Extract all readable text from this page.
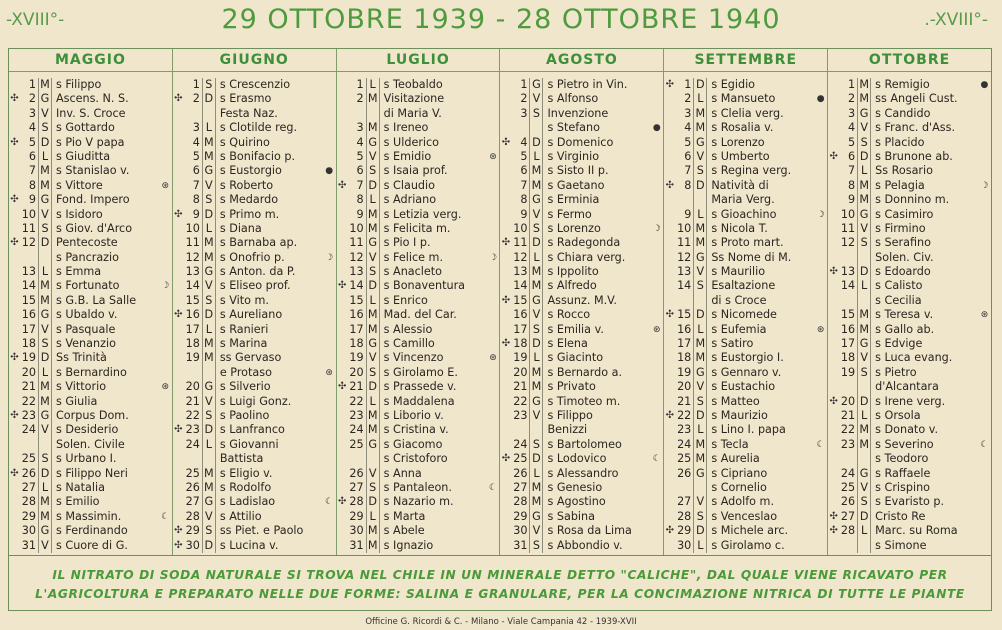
-XVIII°-	29 OTTOBRE 1939 - 28 OTTOBRE 1940	.-XVIII°-
MAGGIO
1 M s Filippo
✣ 2 G Ascens. N. S.
3 V Inv. S. Croce
4 S s Gottardo
✣ 5 D s Pio V papa
6 L s Giuditta
7 M s Stanislao v.
8 M s Vittore	⊛
✣ 9 G Fond. Impero
10 V s Isidoro
11 S s Giov. d'Arco
✣ 12 D Pentecoste
s Pancrazio
13 L s Emma
14 M s Fortunato	☽
15 M s G.B. La Salle
16 G s Ubaldo v.
17 V s Pasquale
18 S s Venanzio
✣ 19 D Ss Trinità
20 L s Bernardino
21 M s Vittorio	⊛
22 M s Giulia
✣ 23 G Corpus Dom.
24 V s Desiderio
Solen. Civile
25 S s Urbano I.
✣ 26 D s Filippo Neri
27 L s Natalia
28 M s Emilio
29 M s Massimin.	☾
30 G s Ferdinando
31 V s Cuore di G.
GIUGNO
1 S s Crescenzio
✣ 2 D s Erasmo
Festa Naz.
3 L s Clotilde reg.
4 M s Quirino
5 M s Bonifacio p.
6 G s Eustorgio	●
7 V s Roberto
8 S s Medardo
✣ 9 D s Primo m.
10 L s Diana
11 M s Barnaba ap.
12 M s Onofrio p.	☽
13 G s Anton. da P.
14 V s Eliseo prof.
15 S s Vito m.
✣ 16 D s Aureliano
17 L s Ranieri
18 M s Marina
19 M ss Gervaso
e Protaso	⊛
20 G s Silverio
21 V s Luigi Gonz.
22 S s Paolino
✣ 23 D s Lanfranco
24 L s Giovanni
Battista
25 M s Eligio v.
26 M s Rodolfo
27 G s Ladislao	☾
28 V s Attilio
✣ 29 S ss Piet. e Paolo
✣ 30 D s Lucina v.
LUGLIO
1 L s Teobaldo
2 M Visitazione
di Maria V.
3 M s Ireneo
4 G s Ulderico
5 V s Emidio	⊛
6 S s Isaia prof.
✣ 7 D s Claudio
8 L s Adriano
9 M s Letizia verg.
10 M s Felicita m.
11 G s Pio I p.
12 V s Felice m.	☽
13 S s Anacleto
✣ 14 D s Bonaventura
15 L s Enrico
16 M Mad. del Car.
17 M s Alessio
18 G s Camillo
19 V s Vincenzo	⊛
20 S s Girolamo E.
✣ 21 D s Prassede v.
22 L s Maddalena
23 M s Liborio v.
24 M s Cristina v.
25 G s Giacomo
s Cristoforo
26 V s Anna
27 S s Pantaleon.	☾
✣ 28 D s Nazario m.
29 L s Marta
30 M s Abele
31 M s Ignazio
AGOSTO
1 G s Pietro in Vin.
2 V s Alfonso
3 S Invenzione
s Stefano	●
✣ 4 D s Domenico
5 L s Virginio
6 M s Sisto II p.
7 M s Gaetano
8 G s Erminia
9 V s Fermo
10 S s Lorenzo	☽
✣ 11 D s Radegonda
12 L s Chiara verg.
13 M s Ippolito
14 M s Alfredo
✣ 15 G Assunz. M.V.
16 V s Rocco
17 S s Emilia v.	⊛
✣ 18 D s Elena
19 L s Giacinto
20 M s Bernardo a.
21 M s Privato
22 G s Timoteo m.
23 V s Filippo
Benizzi
24 S s Bartolomeo
✣ 25 D s Lodovico	☾
26 L s Alessandro
27 M s Genesio
28 M s Agostino
29 G s Sabina
30 V s Rosa da Lima
31 S s Abbondio v.
SETTEMBRE
✣ 1 D s Egidio
2 L s Mansueto	●
3 M s Clelia verg.
4 M s Rosalia v.
5 G s Lorenzo
6 V s Umberto
7 S s Regina verg.
✣ 8 D Natività di
Maria Verg.
9 L s Gioachino	☽
10 M s Nicola T.
11 M s Proto mart.
12 G Ss Nome di M.
13 V s Maurilio
14 S Esaltazione
di s Croce
✣ 15 D s Nicomede
16 L s Eufemia	⊛
17 M s Satiro
18 M s Eustorgio I.
19 G s Gennaro v.
20 V s Eustachio
21 S s Matteo
✣ 22 D s Maurizio
23 L s Lino I. papa
24 M s Tecla	☾
25 M s Aurelia
26 G s Cipriano
s Cornelio
27 V s Adolfo m.
28 S s Venceslao
✣ 29 D s Michele arc.
30 L s Girolamo c.
OTTOBRE
1 M s Remigio	●
2 M ss Angeli Cust.
3 G s Candido
4 V s Franc. d'Ass.
5 S s Placido
✣ 6 D s Brunone ab.
7 L Ss Rosario
8 M s Pelagia	☽
9 M s Donnino m.
10 G s Casimiro
11 V s Firmino
12 S s Serafino
Solen. Civ.
✣ 13 D s Edoardo
14 L s Calisto
s Cecilia
15 M s Teresa v.	⊛
16 M s Gallo ab.
17 G s Edvige
18 V s Luca evang.
19 S s Pietro
d'Alcantara
✣ 20 D s Irene verg.
21 L s Orsola
22 M s Donato v.
23 M s Severino	☾
s Teodoro
24 G s Raffaele
25 V s Crispino
26 S s Evaristo p.
✣ 27 D Cristo Re
✣ 28 L Marc. su Roma
s Simone
IL NITRATO DI SODA NATURALE SI TROVA NEL CHILE IN UN MINERALE DETTO "CALICHE", DAL QUALE VIENE RICAVATO PER
L'AGRICOLTURA E PREPARATO NELLE DUE FORME: SALINA E GRANULARE, PER LA CONCIMAZIONE NITRICA DI TUTTE LE PIANTE
Officine G. Ricordi & C. - Milano - Viale Campania 42 - 1939-XVII
